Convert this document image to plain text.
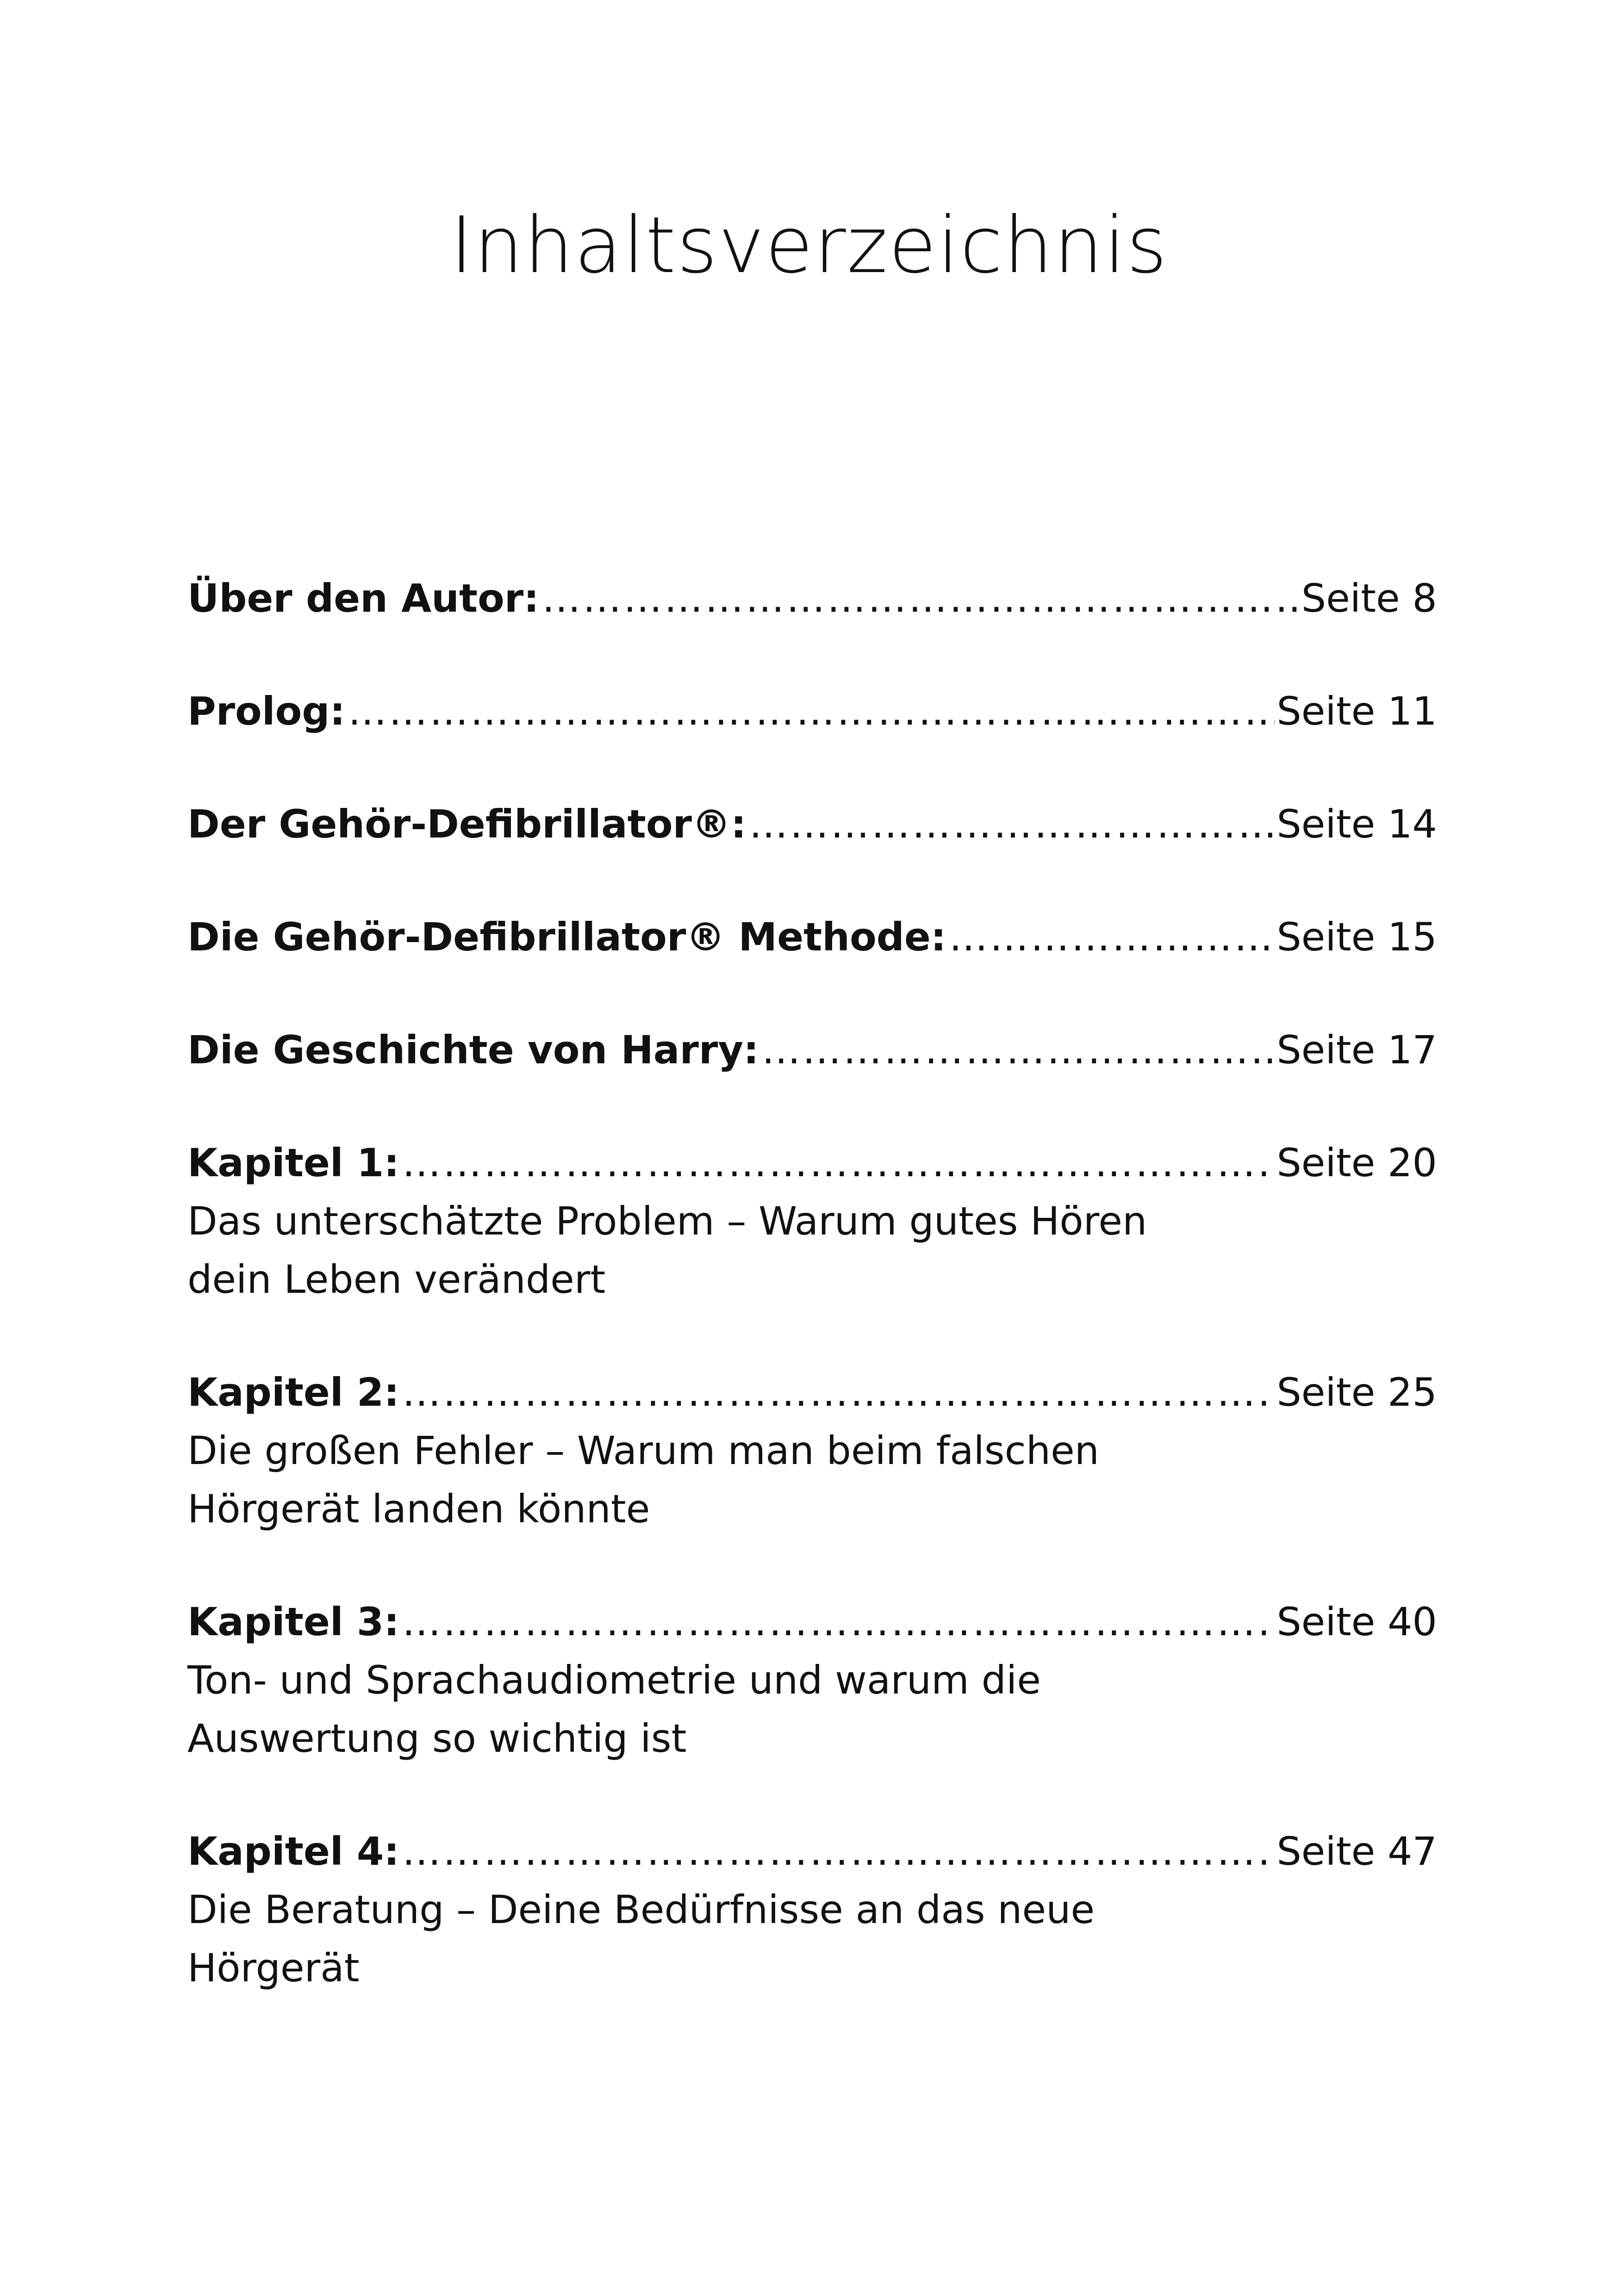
Inhaltsverzeichnis
Über den Autor: …………………………………………………………………………………………………………………………………………………………	Seite 8
Prolog: …………………………………………………………………………………………………………………………………………………………	Seite 11
Der Gehör-Defibrillator®: …………………………………………………………………………………………………………………………………………………………	Seite 14
Die Gehör-Defibrillator® Methode: …………………………………………………………………………………………………………………………………………………………	Seite 15
Die Geschichte von Harry: …………………………………………………………………………………………………………………………………………………………	Seite 17
Kapitel 1: …………………………………………………………………………………………………………………………………………………………	Seite 20
Das unterschätzte Problem – Warum gutes Hören
dein Leben verändert
Kapitel 2: …………………………………………………………………………………………………………………………………………………………	Seite 25
Die großen Fehler – Warum man beim falschen
Hörgerät landen könnte
Kapitel 3: …………………………………………………………………………………………………………………………………………………………	Seite 40
Ton- und Sprachaudiometrie und warum die
Auswertung so wichtig ist
Kapitel 4: …………………………………………………………………………………………………………………………………………………………	Seite 47
Die Beratung – Deine Bedürfnisse an das neue
Hörgerät
